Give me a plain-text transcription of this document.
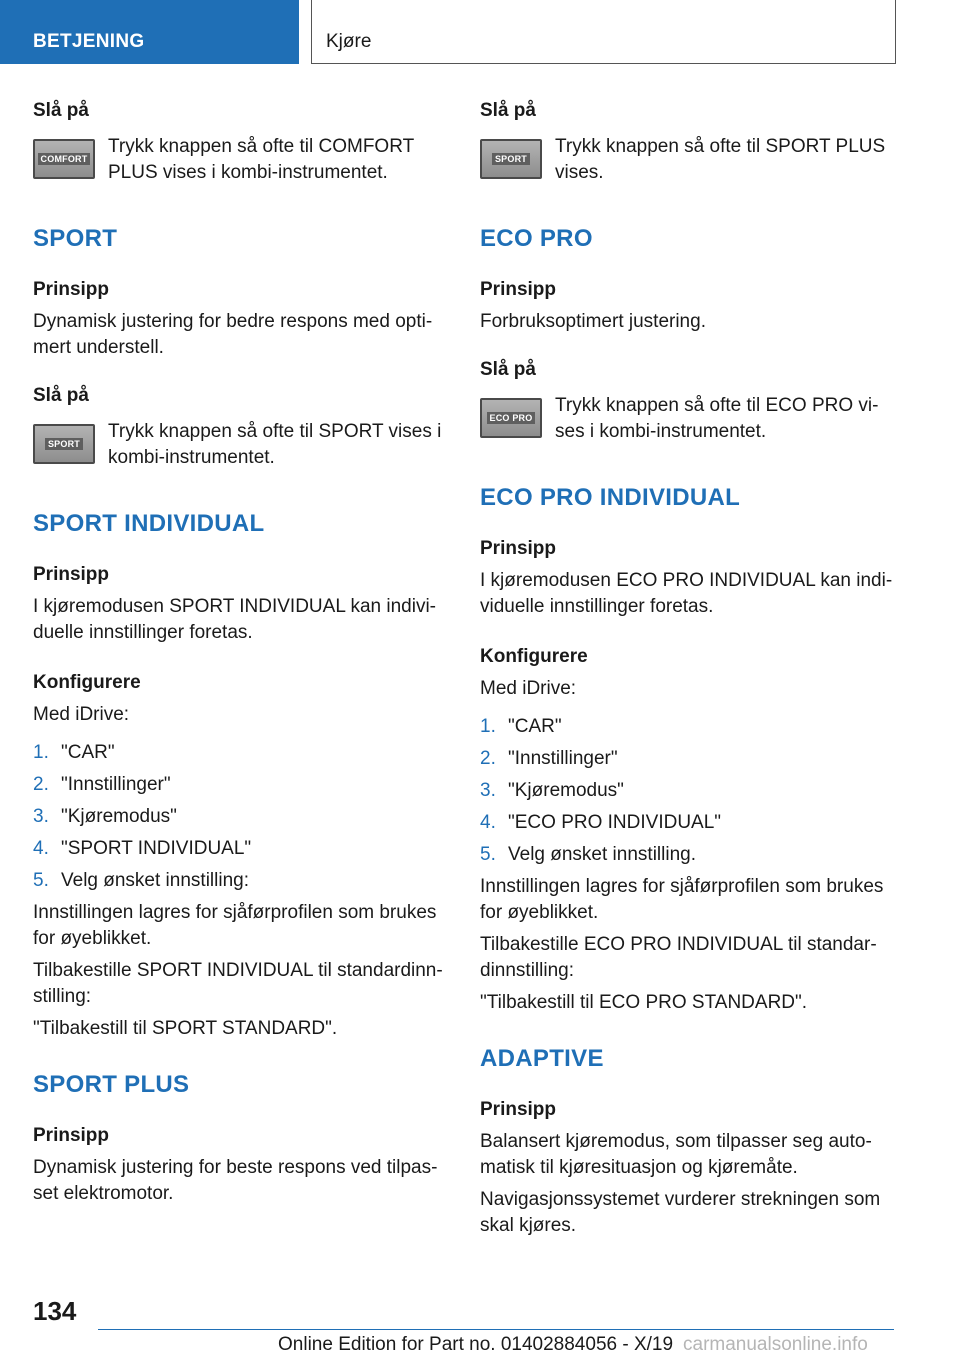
BETJENING	Kjøre
Slå på
COMFORT
Trykk knappen så ofte til COMFORT PLUS vises i kombi-instrumentet.
SPORT
Prinsipp
Dynamisk justering for bedre respons med opti-mert understell.
Slå på
SPORT
Trykk knappen så ofte til SPORT vises i kombi-instrumentet.
SPORT INDIVIDUAL
Prinsipp
I kjøremodusen SPORT INDIVIDUAL kan indivi-duelle innstillinger foretas.
Konfigurere
Med iDrive:
1. "CAR"
2. "Innstillinger"
3. "Kjøremodus"
4. "SPORT INDIVIDUAL"
5. Velg ønsket innstilling:
Innstillingen lagres for sjåførprofilen som brukes for øyeblikket.
Tilbakestille SPORT INDIVIDUAL til standardinn-stilling:
"Tilbakestill til SPORT STANDARD".
SPORT PLUS
Prinsipp
Dynamisk justering for beste respons ved tilpas-set elektromotor.
Slå på
SPORT
Trykk knappen så ofte til SPORT PLUS vises.
ECO PRO
Prinsipp
Forbruksoptimert justering.
Slå på
ECO PRO
Trykk knappen så ofte til ECO PRO vi-ses i kombi-instrumentet.
ECO PRO INDIVIDUAL
Prinsipp
I kjøremodusen ECO PRO INDIVIDUAL kan indi-viduelle innstillinger foretas.
Konfigurere
Med iDrive:
1. "CAR"
2. "Innstillinger"
3. "Kjøremodus"
4. "ECO PRO INDIVIDUAL"
5. Velg ønsket innstilling.
Innstillingen lagres for sjåførprofilen som brukes for øyeblikket.
Tilbakestille ECO PRO INDIVIDUAL til standar-dinnstilling:
"Tilbakestill til ECO PRO STANDARD".
ADAPTIVE
Prinsipp
Balansert kjøremodus, som tilpasser seg auto-matisk til kjøresituasjon og kjøremåte.
Navigasjonssystemet vurderer strekningen som skal kjøres.
134
Online Edition for Part no. 01402884056 - X/19 carmanualsonline.info
